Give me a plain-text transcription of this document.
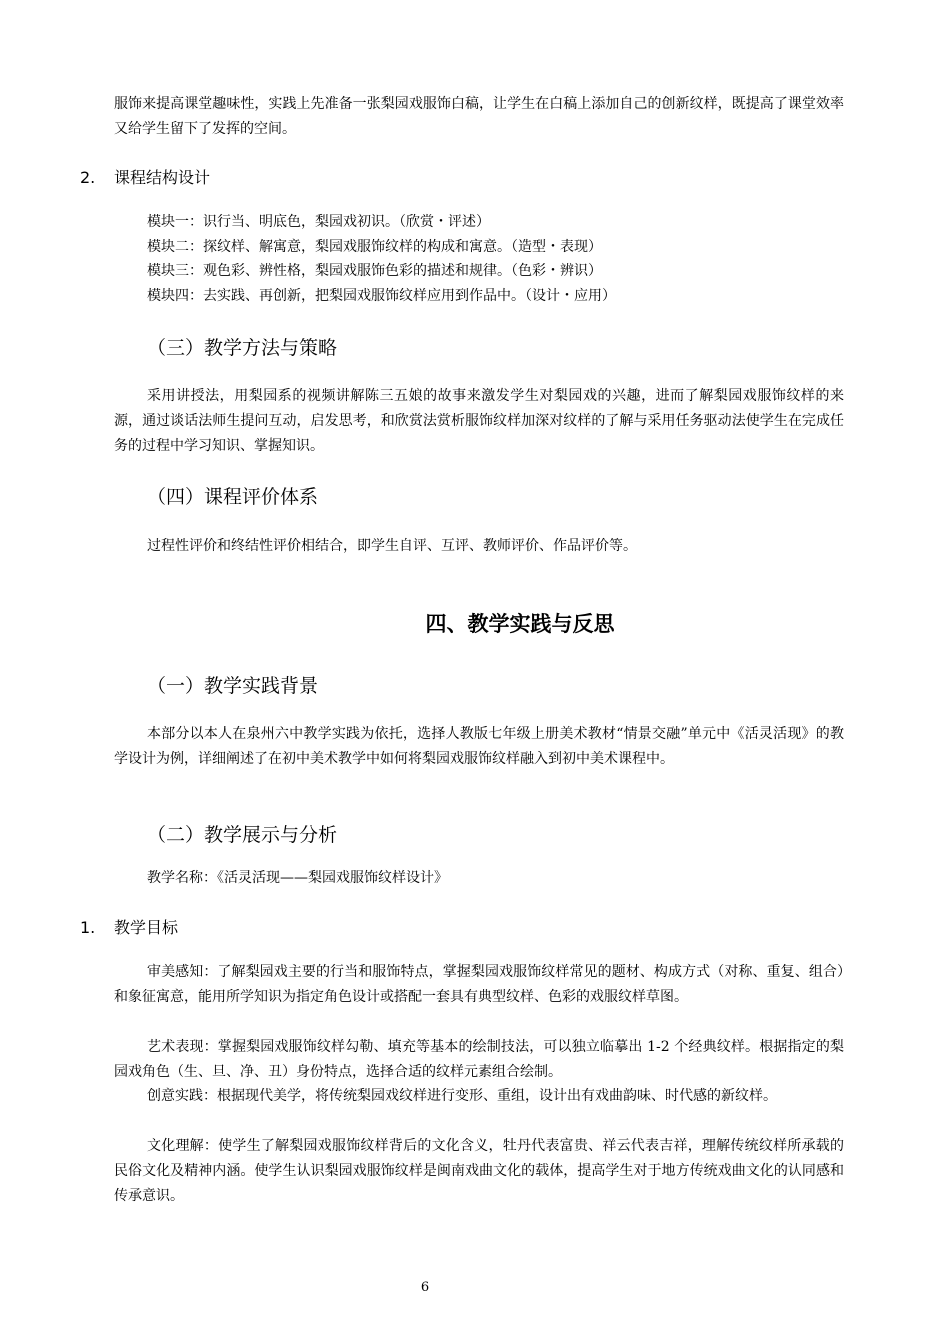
服饰来提高课堂趣味性，实践上先准备一张梨园戏服饰白稿，让学生在白稿上添加自己的创新纹样，既提高了课堂效率又给学生留下了发挥的空间。

2. 课程结构设计

模块一：识行当、明底色，梨园戏初识。（欣赏・评述）

模块二：探纹样、解寓意，梨园戏服饰纹样的构成和寓意。（造型・表现）

模块三：观色彩、辨性格，梨园戏服饰色彩的描述和规律。（色彩・辨识）

模块四：去实践、再创新，把梨园戏服饰纹样应用到作品中。（设计・应用）

（三）教学方法与策略

采用讲授法，用梨园系的视频讲解陈三五娘的故事来激发学生对梨园戏的兴趣，进而了解梨园戏服饰纹样的来源，通过谈话法师生提问互动，启发思考，和欣赏法赏析服饰纹样加深对纹样的了解与采用任务驱动法使学生在完成任务的过程中学习知识、掌握知识。

（四）课程评价体系

过程性评价和终结性评价相结合，即学生自评、互评、教师评价、作品评价等。

四、教学实践与反思
（一）教学实践背景

本部分以本人在泉州六中教学实践为依托，选择人教版七年级上册美术教材“情景交融”单元中《活灵活现》的教学设计为例，详细阐述了在初中美术教学中如何将梨园戏服饰纹样融入到初中美术课程中。

（二）教学展示与分析

教学名称：《活灵活现——梨园戏服饰纹样设计》

1. 教学目标

审美感知：了解梨园戏主要的行当和服饰特点，掌握梨园戏服饰纹样常见的题材、构成方式（对称、重复、组合）和象征寓意，能用所学知识为指定角色设计或搭配一套具有典型纹样、色彩的戏服纹样草图。

艺术表现：掌握梨园戏服饰纹样勾勒、填充等基本的绘制技法，可以独立临摹出 1-2 个经典纹样。根据指定的梨园戏角色（生、旦、净、丑）身份特点，选择合适的纹样元素组合绘制。

创意实践：根据现代美学，将传统梨园戏纹样进行变形、重组，设计出有戏曲韵味、时代感的新纹样。

文化理解：使学生了解梨园戏服饰纹样背后的文化含义，牡丹代表富贵、祥云代表吉祥，理解传统纹样所承载的民俗文化及精神内涵。使学生认识梨园戏服饰纹样是闽南戏曲文化的载体，提高学生对于地方传统戏曲文化的认同感和传承意识。

6
